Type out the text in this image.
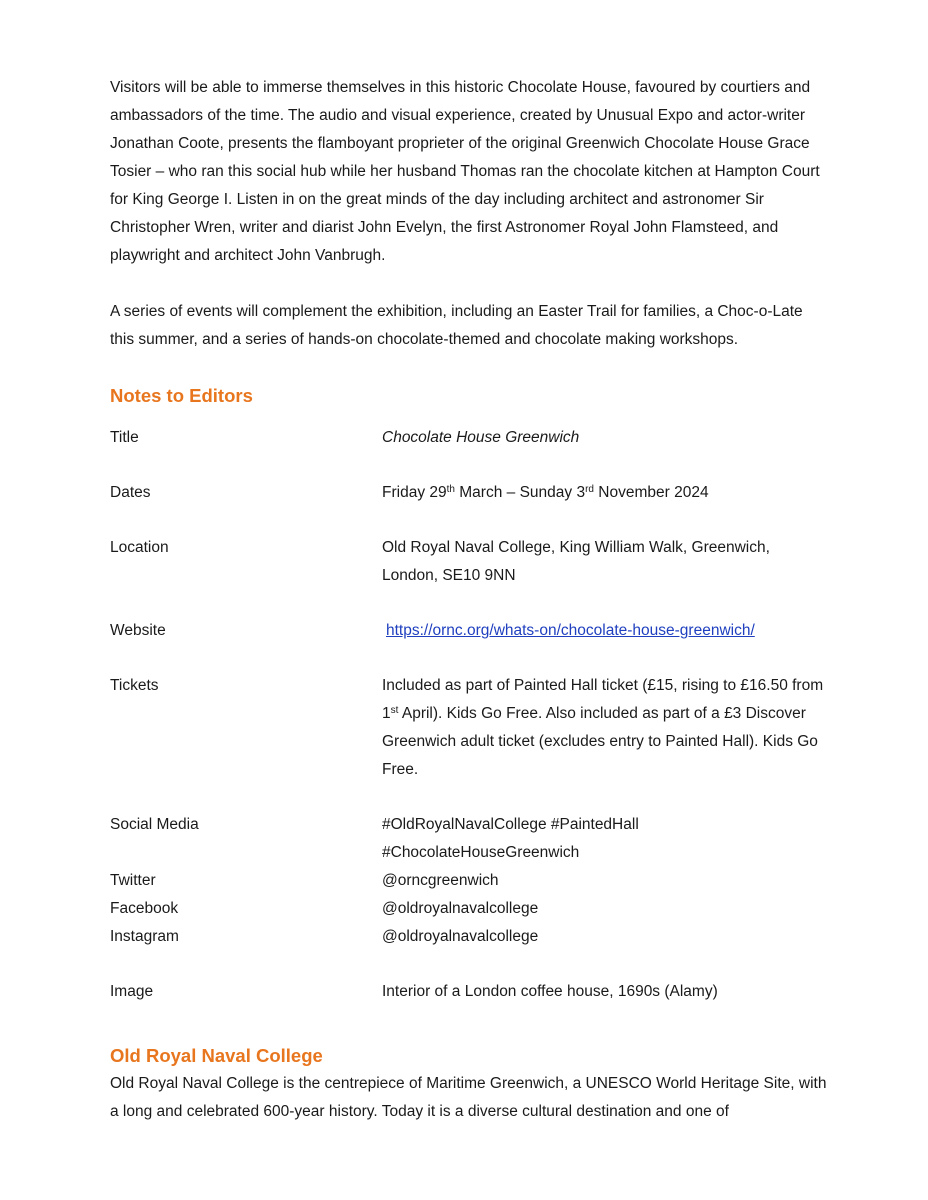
Visitors will be able to immerse themselves in this historic Chocolate House, favoured by courtiers and ambassadors of the time. The audio and visual experience, created by Unusual Expo and actor-writer Jonathan Coote, presents the flamboyant proprieter of the original Greenwich Chocolate House Grace Tosier – who ran this social hub while her husband Thomas ran the chocolate kitchen at Hampton Court for King George I. Listen in on the great minds of the day including architect and astronomer Sir Christopher Wren, writer and diarist John Evelyn, the first Astronomer Royal John Flamsteed, and playwright and architect John Vanbrugh.

A series of events will complement the exhibition, including an Easter Trail for families, a Choc-o-Late this summer, and a series of hands-on chocolate-themed and chocolate making workshops.

Notes to Editors
Title	Chocolate House Greenwich
Dates	Friday 29th March – Sunday 3rd November 2024
Location	Old Royal Naval College, King William Walk, Greenwich, London, SE10 9NN
Website	https://ornc.org/whats-on/chocolate-house-greenwich/
Tickets	Included as part of Painted Hall ticket (£15, rising to £16.50 from 1st April). Kids Go Free. Also included as part of a £3 Discover Greenwich adult ticket (excludes entry to Painted Hall). Kids Go Free.
Social Media	#OldRoyalNavalCollege #PaintedHall #ChocolateHouseGreenwich
Twitter	@orncgreenwich
Facebook	@oldroyalnavalcollege
Instagram	@oldroyalnavalcollege
Image	Interior of a London coffee house, 1690s (Alamy)
Old Royal Naval College

Old Royal Naval College is the centrepiece of Maritime Greenwich, a UNESCO World Heritage Site, with a long and celebrated 600-year history. Today it is a diverse cultural destination and one of
